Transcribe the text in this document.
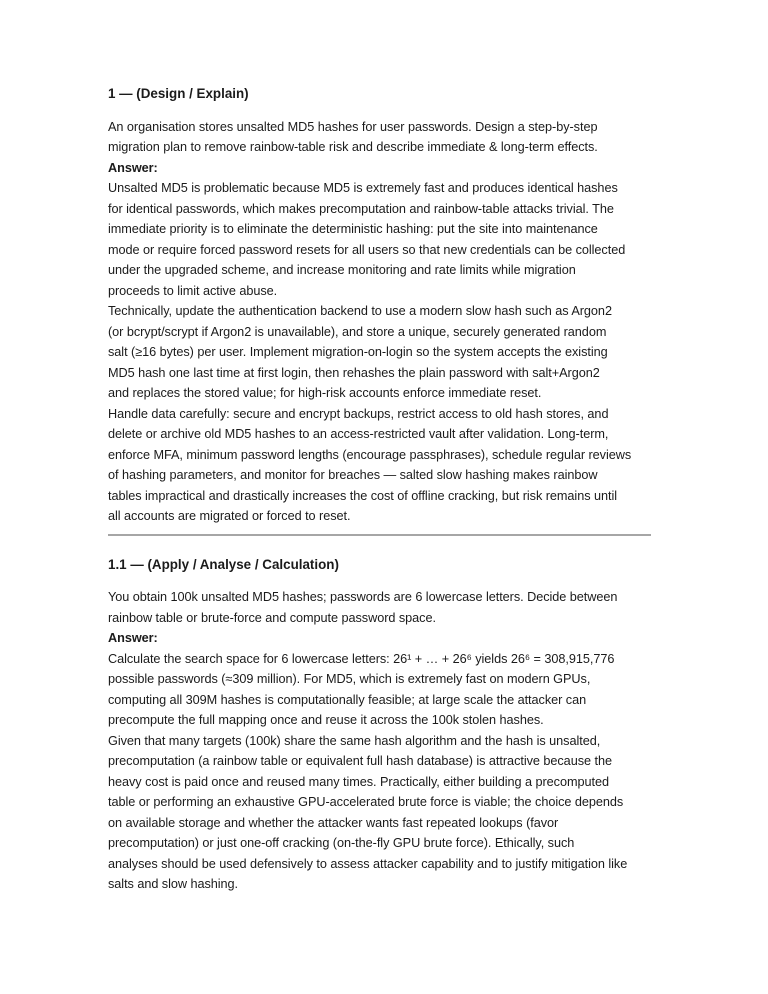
1 — (Design / Explain)
An organisation stores unsalted MD5 hashes for user passwords. Design a step-by-step
migration plan to remove rainbow-table risk and describe immediate & long-term effects.
Answer:
Unsalted MD5 is problematic because MD5 is extremely fast and produces identical hashes
for identical passwords, which makes precomputation and rainbow-table attacks trivial. The
immediate priority is to eliminate the deterministic hashing: put the site into maintenance
mode or require forced password resets for all users so that new credentials can be collected
under the upgraded scheme, and increase monitoring and rate limits while migration
proceeds to limit active abuse.
Technically, update the authentication backend to use a modern slow hash such as Argon2
(or bcrypt/scrypt if Argon2 is unavailable), and store a unique, securely generated random
salt (≥16 bytes) per user. Implement migration-on-login so the system accepts the existing
MD5 hash one last time at first login, then rehashes the plain password with salt+Argon2
and replaces the stored value; for high-risk accounts enforce immediate reset.
Handle data carefully: secure and encrypt backups, restrict access to old hash stores, and
delete or archive old MD5 hashes to an access-restricted vault after validation. Long-term,
enforce MFA, minimum password lengths (encourage passphrases), schedule regular reviews
of hashing parameters, and monitor for breaches — salted slow hashing makes rainbow
tables impractical and drastically increases the cost of offline cracking, but risk remains until
all accounts are migrated or forced to reset.
1.1 — (Apply / Analyse / Calculation)
You obtain 100k unsalted MD5 hashes; passwords are 6 lowercase letters. Decide between
rainbow table or brute-force and compute password space.
Answer:
Calculate the search space for 6 lowercase letters: 26¹ + … + 26⁶ yields 26⁶ = 308,915,776
possible passwords (≈309 million). For MD5, which is extremely fast on modern GPUs,
computing all 309M hashes is computationally feasible; at large scale the attacker can
precompute the full mapping once and reuse it across the 100k stolen hashes.
Given that many targets (100k) share the same hash algorithm and the hash is unsalted,
precomputation (a rainbow table or equivalent full hash database) is attractive because the
heavy cost is paid once and reused many times. Practically, either building a precomputed
table or performing an exhaustive GPU-accelerated brute force is viable; the choice depends
on available storage and whether the attacker wants fast repeated lookups (favor
precomputation) or just one-off cracking (on-the-fly GPU brute force). Ethically, such
analyses should be used defensively to assess attacker capability and to justify mitigation like
salts and slow hashing.
